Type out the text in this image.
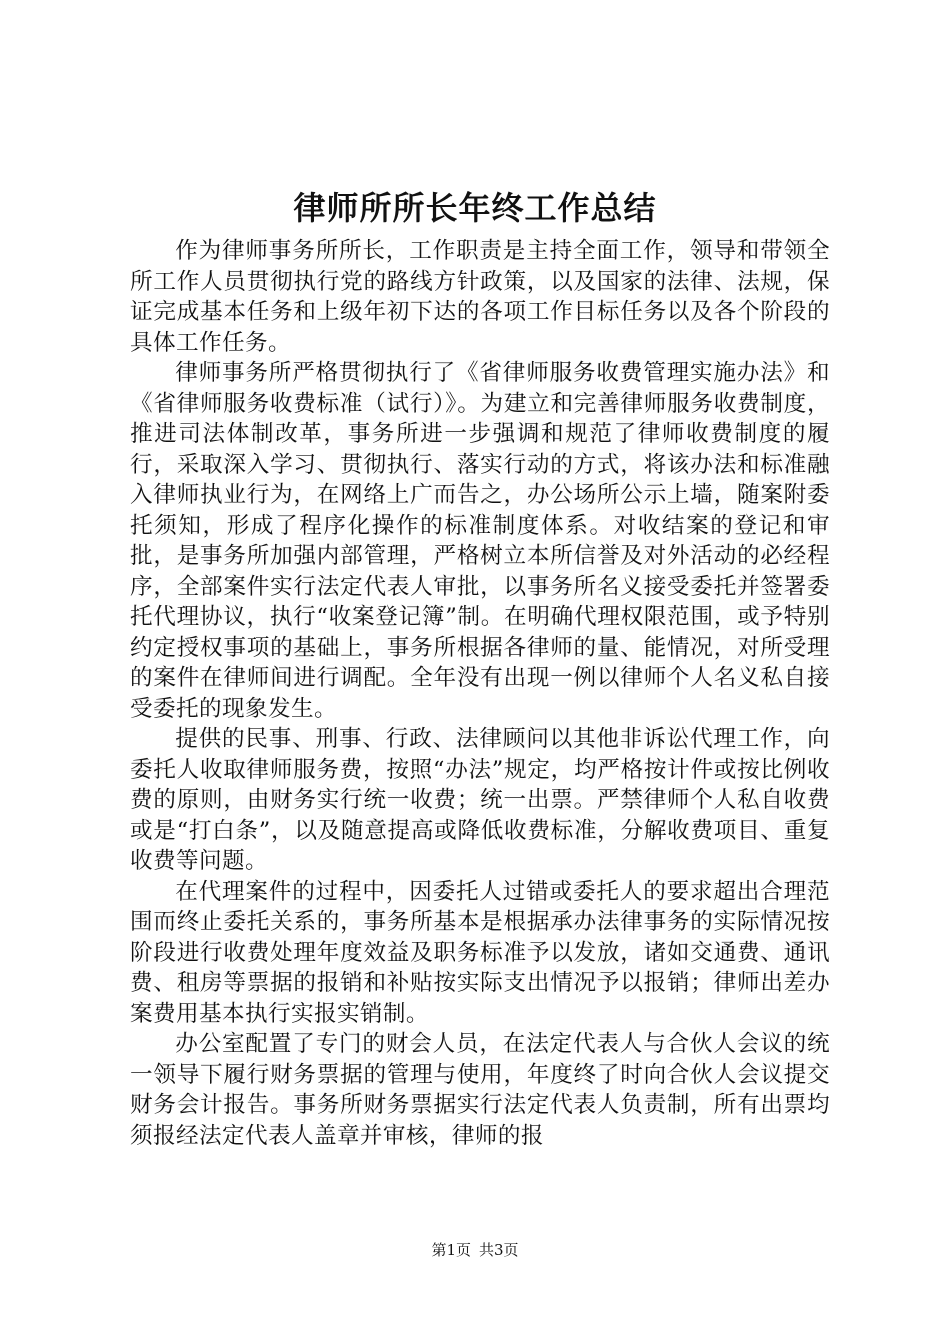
律师所所长年终工作总结

作为律师事务所所长，工作职责是主持全面工作，领导和带领全所工作人员贯彻执行党的路线方针政策，以及国家的法律、法规，保证完成基本任务和上级年初下达的各项工作目标任务以及各个阶段的具体工作任务。

律师事务所严格贯彻执行了《省律师服务收费管理实施办法》和《省律师服务收费标准（试行）》。为建立和完善律师服务收费制度，推进司法体制改革，事务所进一步强调和规范了律师收费制度的履行，采取深入学习、贯彻执行、落实行动的方式，将该办法和标准融入律师执业行为，在网络上广而告之，办公场所公示上墙，随案附委托须知，形成了程序化操作的标准制度体系。对收结案的登记和审批，是事务所加强内部管理，严格树立本所信誉及对外活动的必经程序，全部案件实行法定代表人审批，以事务所名义接受委托并签署委托代理协议，执行“收案登记簿”制。在明确代理权限范围，或予特别约定授权事项的基础上，事务所根据各律师的量、能情况，对所受理的案件在律师间进行调配。全年没有出现一例以律师个人名义私自接受委托的现象发生。

提供的民事、刑事、行政、法律顾问以其他非诉讼代理工作，向委托人收取律师服务费，按照“办法”规定，均严格按计件或按比例收费的原则，由财务实行统一收费；统一出票。严禁律师个人私自收费或是“打白条”，以及随意提高或降低收费标准，分解收费项目、重复收费等问题。

在代理案件的过程中，因委托人过错或委托人的要求超出合理范围而终止委托关系的，事务所基本是根据承办法律事务的实际情况按阶段进行收费处理年度效益及职务标准予以发放，诸如交通费、通讯费、租房等票据的报销和补贴按实际支出情况予以报销；律师出差办案费用基本执行实报实销制。

办公室配置了专门的财会人员，在法定代表人与合伙人会议的统一领导下履行财务票据的管理与使用，年度终了时向合伙人会议提交财务会计报告。事务所财务票据实行法定代表人负责制，所有出票均须报经法定代表人盖章并审核，律师的报

第1页 共3页
